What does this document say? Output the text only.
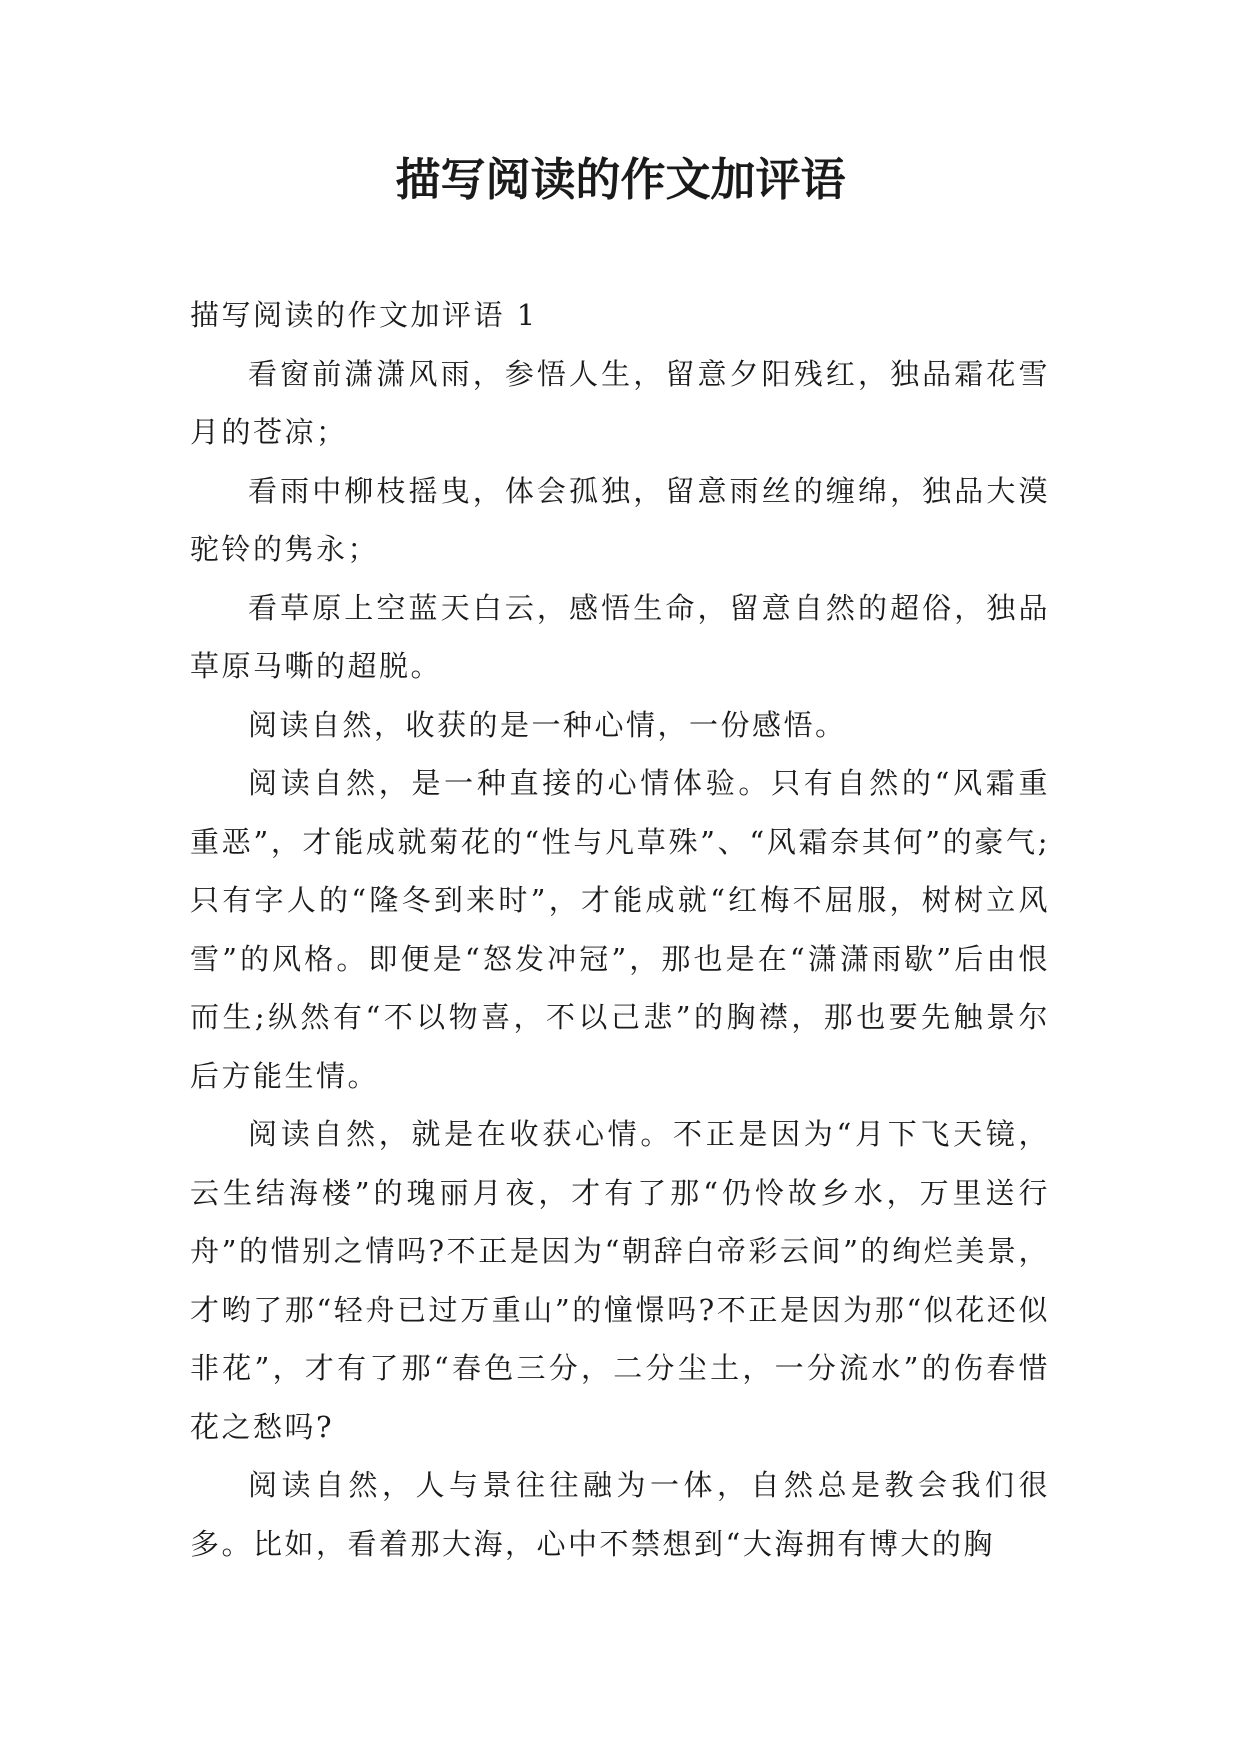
描写阅读的作文加评语

描写阅读的作文加评语 1

看窗前潇潇风雨，参悟人生，留意夕阳残红，独品霜花雪月的苍凉；

看雨中柳枝摇曳，体会孤独，留意雨丝的缠绵，独品大漠驼铃的隽永；

看草原上空蓝天白云，感悟生命，留意自然的超俗，独品草原马嘶的超脱。

阅读自然，收获的是一种心情，一份感悟。

阅读自然，是一种直接的心情体验。只有自然的“风霜重重恶”，才能成就菊花的“性与凡草殊”、“风霜奈其何”的豪气;只有字人的“隆冬到来时”，才能成就“红梅不屈服，树树立风雪”的风格。即便是“怒发冲冠”，那也是在“潇潇雨歇”后由恨而生;纵然有“不以物喜，不以己悲”的胸襟，那也要先触景尔后方能生情。

阅读自然，就是在收获心情。不正是因为“月下飞天镜，云生结海楼”的瑰丽月夜，才有了那“仍怜故乡水，万里送行舟”的惜别之情吗?不正是因为“朝辞白帝彩云间”的绚烂美景，才哟了那“轻舟已过万重山”的憧憬吗?不正是因为那“似花还似非花”，才有了那“春色三分，二分尘土，一分流水”的伤春惜花之愁吗?

阅读自然，人与景往往融为一体，自然总是教会我们很多。比如，看着那大海，心中不禁想到“大海拥有博大的胸
